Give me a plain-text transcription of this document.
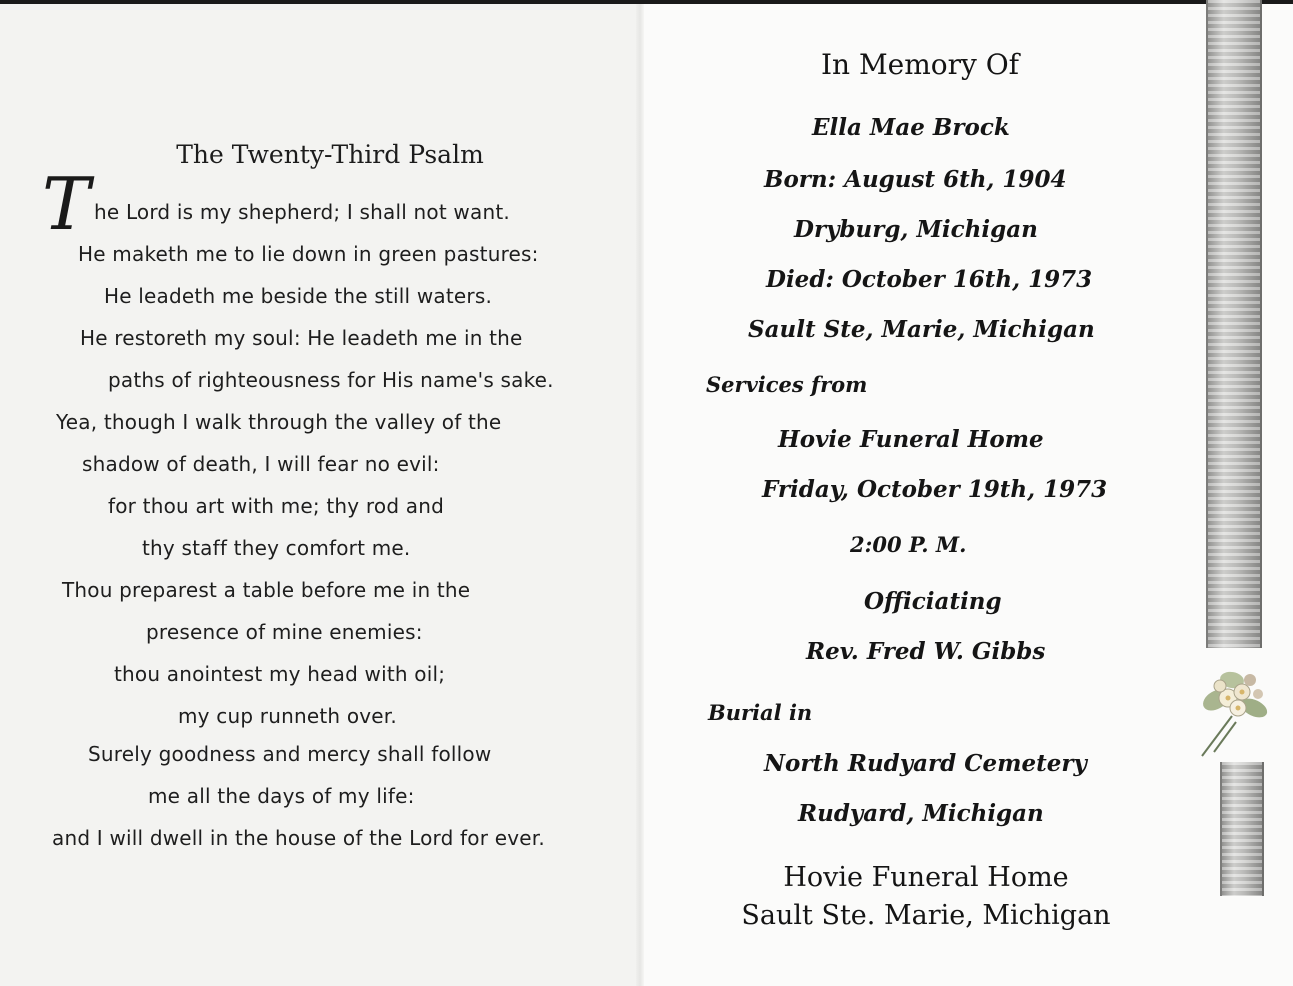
The Twenty-Third Psalm
T he Lord is my shepherd; I shall not want.
He maketh me to lie down in green pastures:
He leadeth me beside the still waters.
He restoreth my soul: He leadeth me in the
paths of righteousness for His name's sake.
Yea, though I walk through the valley of the
shadow of death, I will fear no evil:
for thou art with me; thy rod and
thy staff they comfort me.
Thou preparest a table before me in the
presence of mine enemies:
thou anointest my head with oil;
my cup runneth over.
Surely goodness and mercy shall follow
me all the days of my life:
and I will dwell in the house of the Lord for ever.
In Memory Of
Ella Mae Brock
Born: August 6th, 1904
Dryburg, Michigan
Died: October 16th, 1973
Sault Ste, Marie, Michigan
Services from
Hovie Funeral Home
Friday, October 19th, 1973
2:00 P. M.
Officiating
Rev. Fred W. Gibbs
Burial in
North Rudyard Cemetery
Rudyard, Michigan
Hovie Funeral Home
Sault Ste. Marie, Michigan
